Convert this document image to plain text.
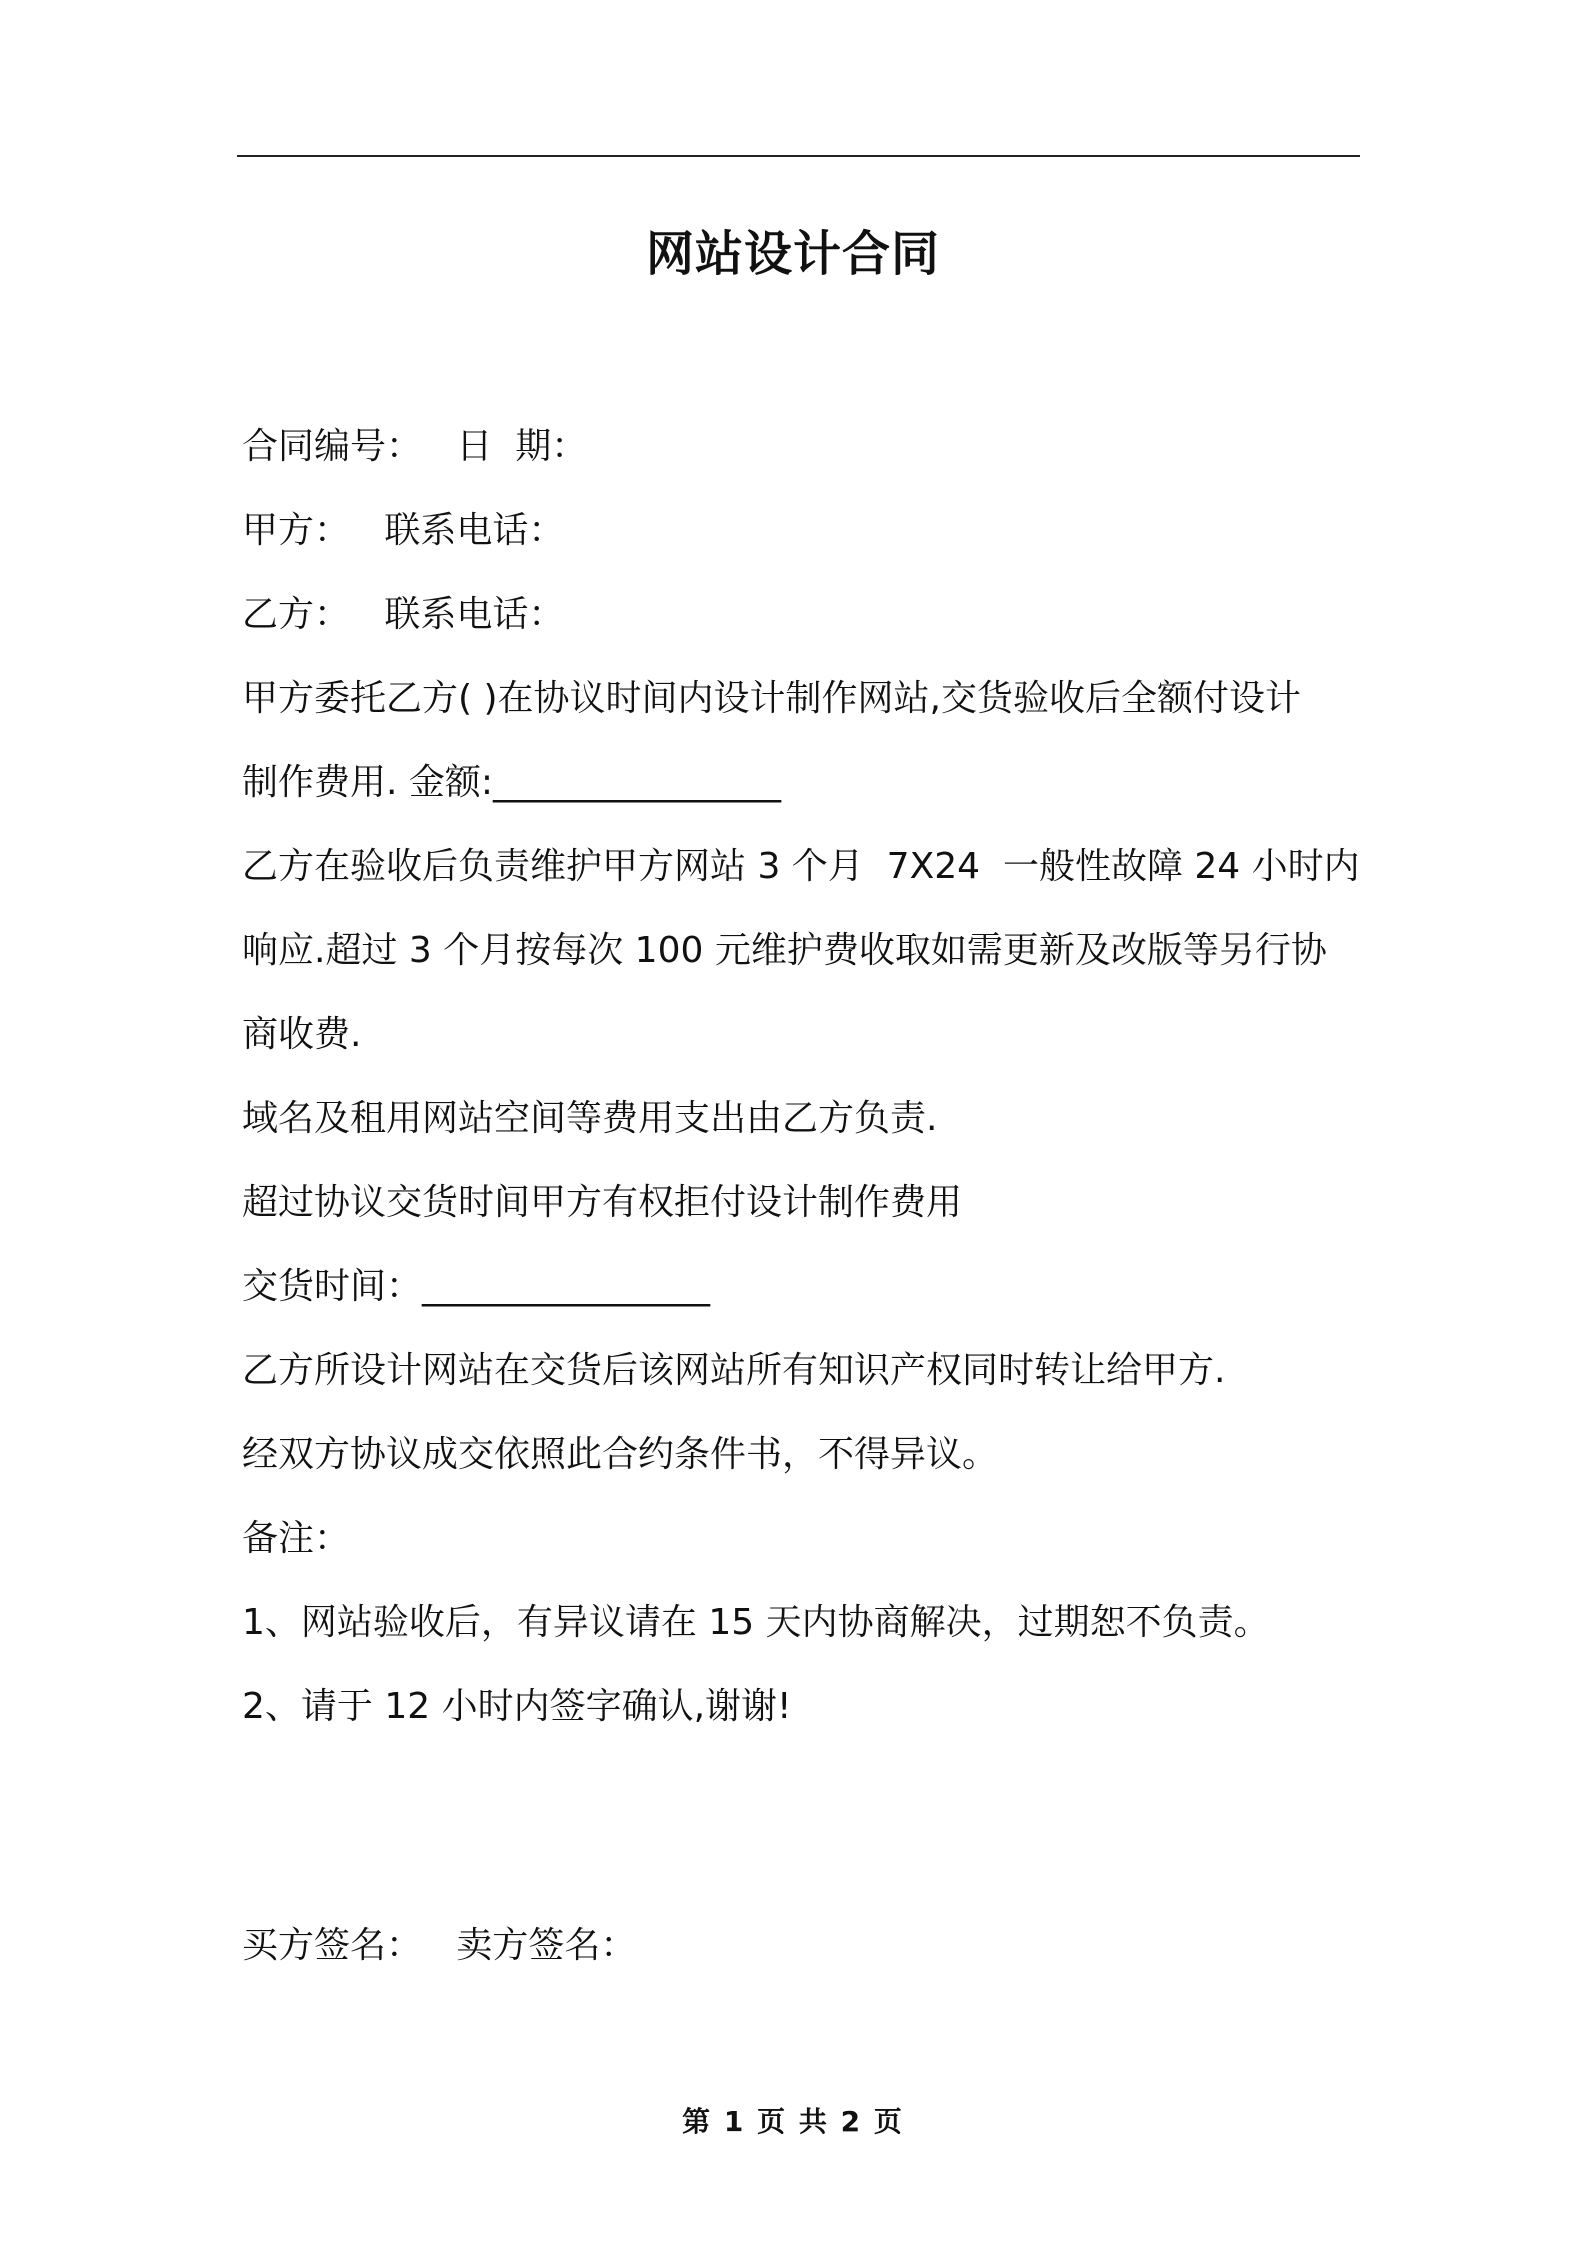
网站设计合同

合同编号：   日  期：

甲方：   联系电话：

乙方：   联系电话：

甲方委托乙方( )在协议时间内设计制作网站,交货验收后全额付设计

制作费用. 金额:________________

乙方在验收后负责维护甲方网站 3 个月  7X24  一般性故障 24 小时内

响应.超过 3 个月按每次 100 元维护费收取如需更新及改版等另行协

商收费.

域名及租用网站空间等费用支出由乙方负责.

超过协议交货时间甲方有权拒付设计制作费用

交货时间：________________

乙方所设计网站在交货后该网站所有知识产权同时转让给甲方.

经双方协议成交依照此合约条件书，不得异议。

备注：

1、网站验收后，有异议请在 15 天内协商解决，过期恕不负责。

2、请于 12 小时内签字确认,谢谢!

买方签名：   卖方签名：
第 1 页 共 2 页
